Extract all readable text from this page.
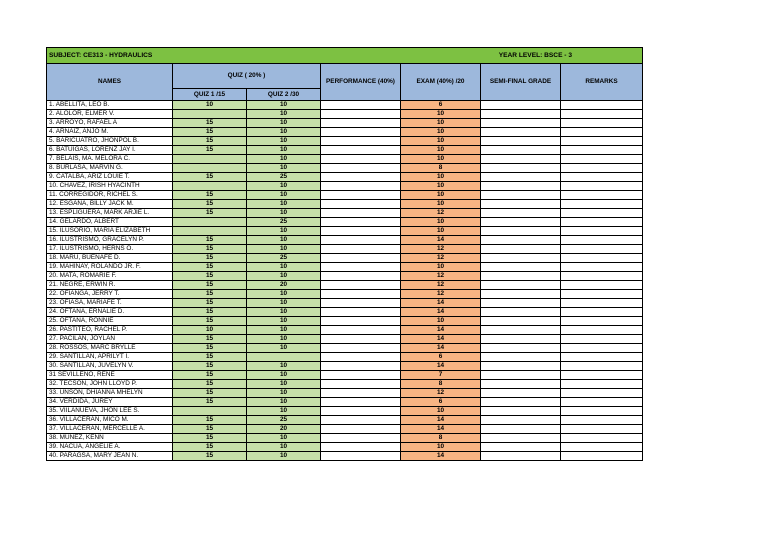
SUBJECT: CE313 - HYDRAULICS YEAR LEVEL: BSCE - 3						

NAMES	QUIZ ( 20% )		PERFORMANCE (40%)	EXAM (40%) /20	SEMI-FINAL GRADE	REMARKS
	QUIZ 1 /15	QUIZ 2 /30				
1. ABELLITA, LEO B.	10	10		6		
2. ALOLOR, ELMER V.		10		10		
3. ARROYO, RAFAEL A	15	10		10		
4. ARNAIZ, ANJO M.	15	10		10		
5. BARICUATRO, JHONPOL B.	15	10		10		
6. BATUIGAS, LORENZ JAY I.	15	10		10		
7. BELAIS, MA. MELORA C.		10		10		
8. BURLASA, MARVIN G.		10		8		
9. CATALBA, ARIZ LOUIE T.	15	25		10		
10. CHAVEZ, IRISH HYACINTH		10		10		
11. CORREGIDOR, RICHEL S.	15	10		10		
12. ESGANA, BILLY JACK M.	15	10		10		
13. ESPLIGUERA, MARK ARJIE L.	15	10		12		
14. GELARDO, ALBERT		25		10		
15. ILUSORIO, MARIA ELIZABETH		10		10		
16. ILUSTRISMO, GRACELYN P.	15	10		14		
17. ILUSTRISMO, HERNS O.	15	10		12		
18. MARU, BUENAFE D.	15	25		12		
19. MAHINAY, ROLANDO JR. F.	15	10		10		
20. MATA, ROMARIE F.	15	10		12		
21. NEGRE, ERWIN R.	15	20		12		
22. OFIANGA, JERRY T.	15	10		12		
23. OFIASA, MARIAFE T.	15	10		14		
24. OFTANA, ERNALIE D.	15	10		14		
25. OFTANA, RONNIE	15	10		10		
26. PASTITEO, RACHEL P.	10	10		14		
27. PACILAN, JOYLAN	15	10		14		
28. ROSSOS, MARC BRYLLE	15	10		14		
29. SANTILLAN, APRILYT I.	15			6		
30. SANTILLAN, JUVELYN V.	15	10		14		
31 SEVILLENO, RENE	15	10		7		
32. TECSON, JOHN LLOYD P.	15	10		8		
33. UNSON, DHIANNA MHELYN	15	10		12		
34. VERDIDA, JUREY	15	10		6		
35. VIILANUEVA, JHON LEE S.		10		10		
36. VILLACERAN, MICO M.	15	25		14		
37. VILLACERAN, MERCELLE A.	15	20		14		
38. MUNEZ, KENN	15	10		8		
39. NACUA, ANGELIE A.	15	10		10		
40. PARAGSA, MARY JEAN N.	15	10		14		
